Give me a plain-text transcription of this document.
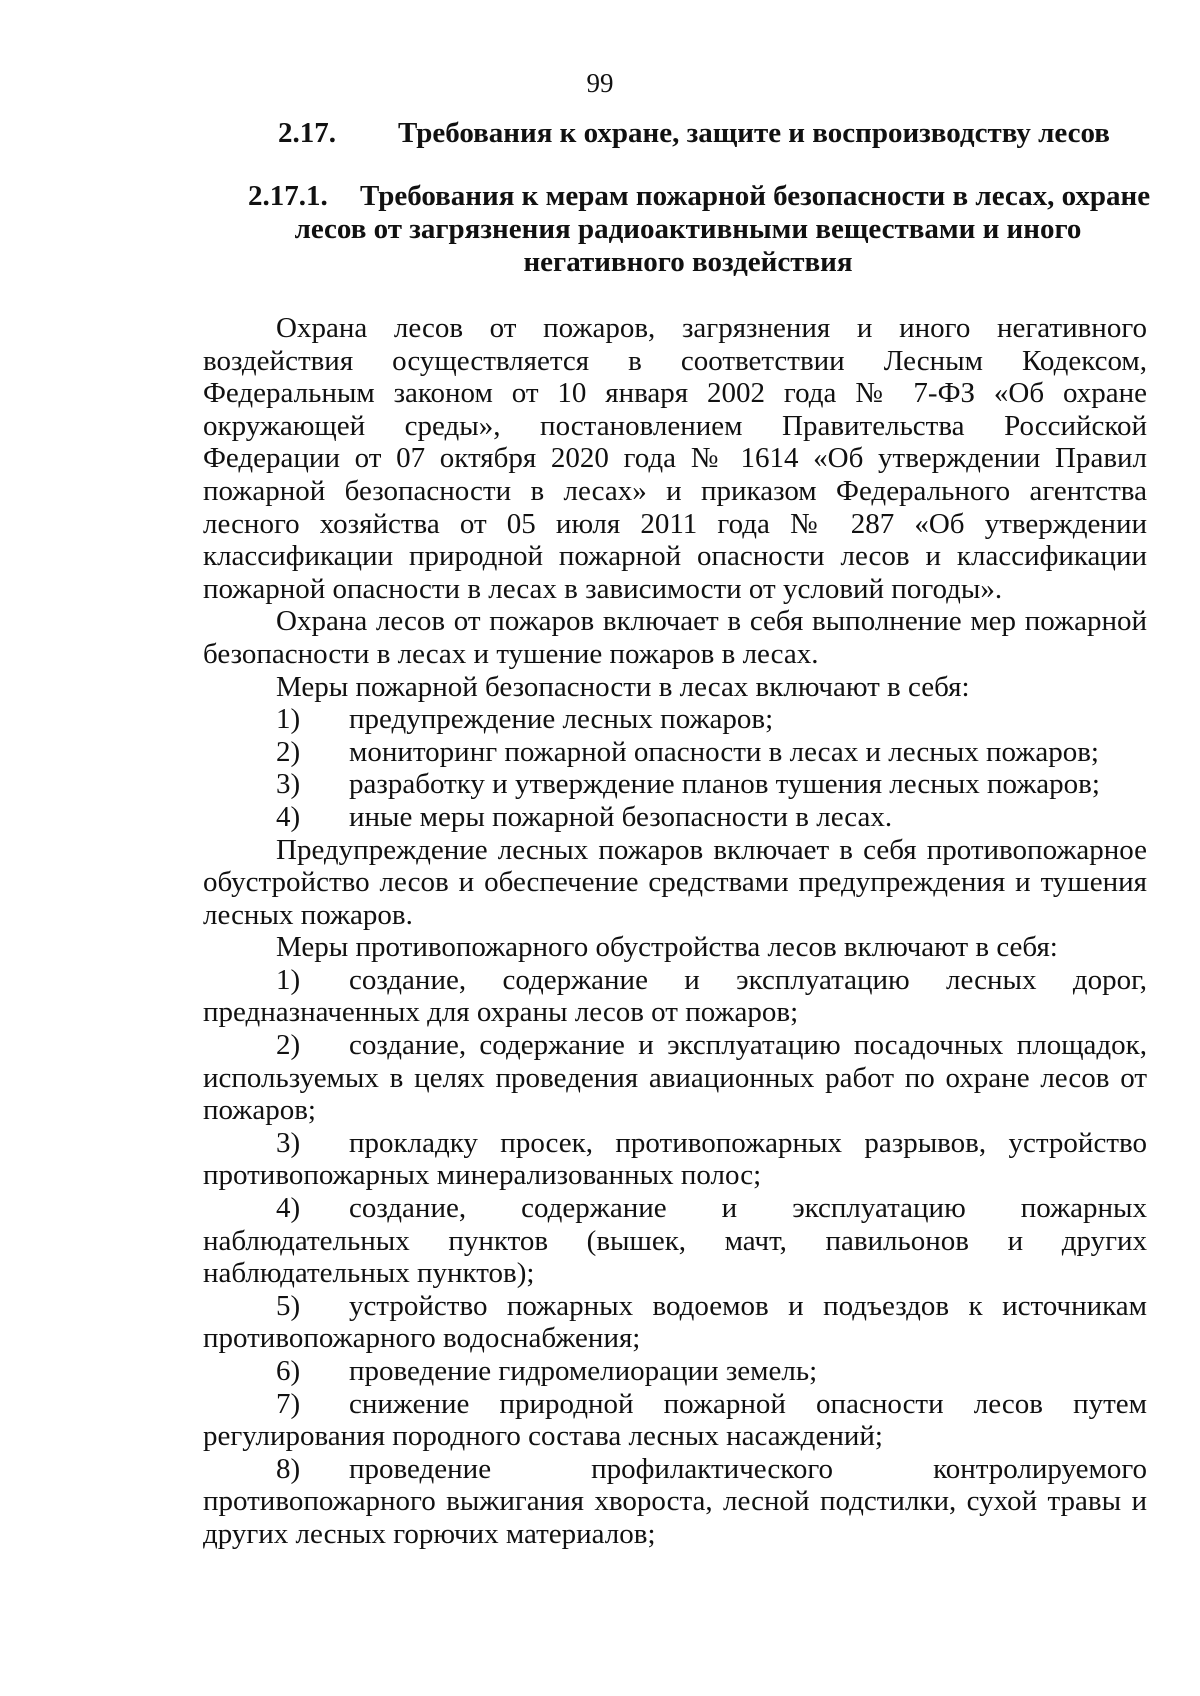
99
2.17. Требования к охране, защите и воспроизводству лесов
2.17.1. Требования к мерам пожарной безопасности в лесах, охране
лесов от загрязнения радиоактивными веществами и иного негативного воздействия

Охрана лесов от пожаров, загрязнения и иного негативного воздействия осуществляется в соответствии Лесным Кодексом, Федеральным законом от 10 января 2002 года № 7-ФЗ «Об охране окружающей среды», постановлением Правительства Российской Федерации от 07 октября 2020 года № 1614 «Об утверждении Правил пожарной безопасности в лесах» и приказом Федерального агентства лесного хозяйства от 05 июля 2011 года № 287 «Об утверждении классификации природной пожарной опасности лесов и классификации пожарной опасности в лесах в зависимости от условий погоды».

Охрана лесов от пожаров включает в себя выполнение мер пожарной безопасности в лесах и тушение пожаров в лесах.

Меры пожарной безопасности в лесах включают в себя:

1) предупреждение лесных пожаров;

2) мониторинг пожарной опасности в лесах и лесных пожаров;

3) разработку и утверждение планов тушения лесных пожаров;

4) иные меры пожарной безопасности в лесах.

Предупреждение лесных пожаров включает в себя противопожарное обустройство лесов и обеспечение средствами предупреждения и тушения лесных пожаров.

Меры противопожарного обустройства лесов включают в себя:

1) создание, содержание и эксплуатацию лесных дорог, предназначенных для охраны лесов от пожаров;

2) создание, содержание и эксплуатацию посадочных площадок, используемых в целях проведения авиационных работ по охране лесов от пожаров;

3) прокладку просек, противопожарных разрывов, устройство противопожарных минерализованных полос;

4) создание, содержание и эксплуатацию пожарных наблюдательных пунктов (вышек, мачт, павильонов и других наблюдательных пунктов);

5) устройство пожарных водоемов и подъездов к источникам противопожарного водоснабжения;

6) проведение гидромелиорации земель;

7) снижение природной пожарной опасности лесов путем регулирования породного состава лесных насаждений;

8) проведение профилактического контролируемого противопожарного выжигания хвороста, лесной подстилки, сухой травы и других лесных горючих материалов;
